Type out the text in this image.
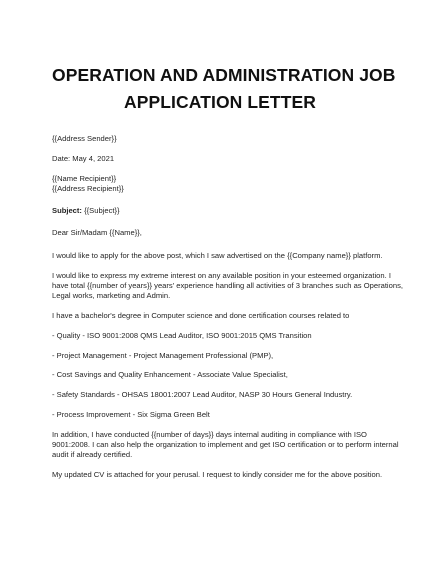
OPERATION AND ADMINISTRATION JOB
APPLICATION LETTER

{{Address Sender}}

Date: May 4, 2021

{{Name Recipient}}
{{Address Recipient}}

Subject: {{Subject}}

Dear Sir/Madam {{Name}},

I would like to apply for the above post, which I saw advertised on the {{Company name}} platform.

I would like to express my extreme interest on any available position in your esteemed organization. I
have total {{number of years}} years' experience handling all activities of 3 branches such as Operations,
Legal works, marketing and Admin.

I have a bachelor's degree in Computer science and done certification courses related to

- Quality - ISO 9001:2008 QMS Lead Auditor, ISO 9001:2015 QMS Transition

- Project Management - Project Management Professional (PMP),

- Cost Savings and Quality Enhancement - Associate Value Specialist,

- Safety Standards - OHSAS 18001:2007 Lead Auditor, NASP 30 Hours General Industry.

- Process Improvement - Six Sigma Green Belt

In addition, I have conducted {{number of days}} days internal auditing in compliance with ISO
9001:2008. I can also help the organization to implement and get ISO certification or to perform internal
audit if already certified.

My updated CV is attached for your perusal. I request to kindly consider me for the above position.
